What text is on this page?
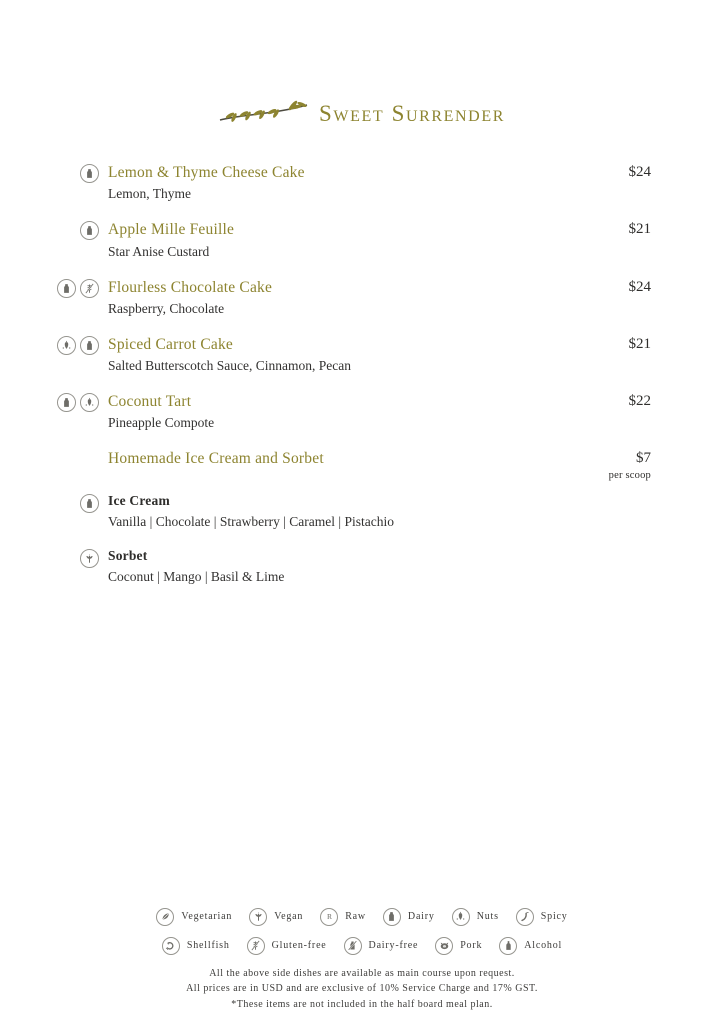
Sweet Surrender
Lemon & Thyme Cheese Cake
Lemon, Thyme
$24
Apple Mille Feuille
Star Anise Custard
$21
Flourless Chocolate Cake
Raspberry, Chocolate
$24
Spiced Carrot Cake
Salted Butterscotch Sauce, Cinnamon, Pecan
$21
Coconut Tart
Pineapple Compote
$22
Homemade Ice Cream and Sorbet	$7
per scoop
Ice Cream
Vanilla | Chocolate | Strawberry | Caramel | Pistachio
Sorbet
Coconut | Mango | Basil & Lime
Vegetarian	Vegan	Raw	Dairy	Nuts	Spicy
Shellfish	Gluten-free	Dairy-free	Pork	Alcohol
All the above side dishes are available as main course upon request.
All prices are in USD and are exclusive of 10% Service Charge and 17% GST.
*These items are not included in the half board meal plan.
